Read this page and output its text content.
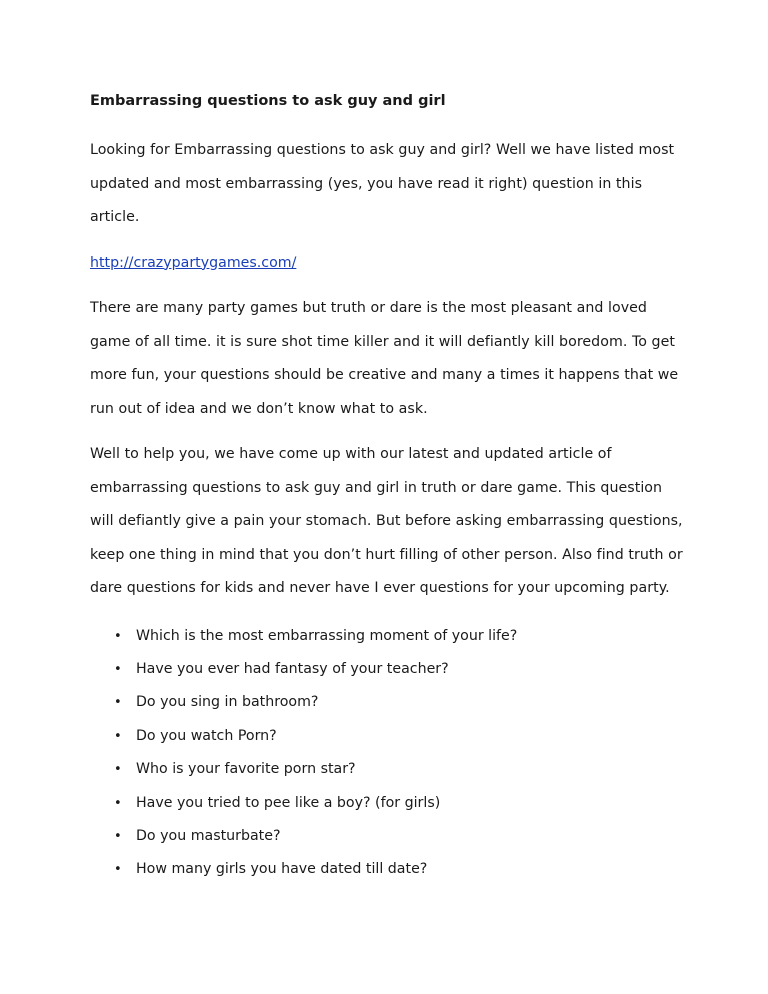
Embarrassing questions to ask guy and girl
Looking for Embarrassing questions to ask guy and girl? Well we have listed most updated and most embarrassing (yes, you have read it right) question in this article.
http://crazypartygames.com/
There are many party games but truth or dare is the most pleasant and loved game of all time. it is sure shot time killer and it will defiantly kill boredom. To get more fun, your questions should be creative and many a times it happens that we run out of idea and we don’t know what to ask.
Well to help you, we have come up with our latest and updated article of embarrassing questions to ask guy and girl in truth or dare game. This question will defiantly give a pain your stomach. But before asking embarrassing questions, keep one thing in mind that you don’t hurt filling of other person. Also find truth or dare questions for kids and never have I ever questions for your upcoming party.
• Which is the most embarrassing moment of your life?
• Have you ever had fantasy of your teacher?
• Do you sing in bathroom?
• Do you watch Porn?
• Who is your favorite porn star?
• Have you tried to pee like a boy? (for girls)
• Do you masturbate?
• How many girls you have dated till date?
